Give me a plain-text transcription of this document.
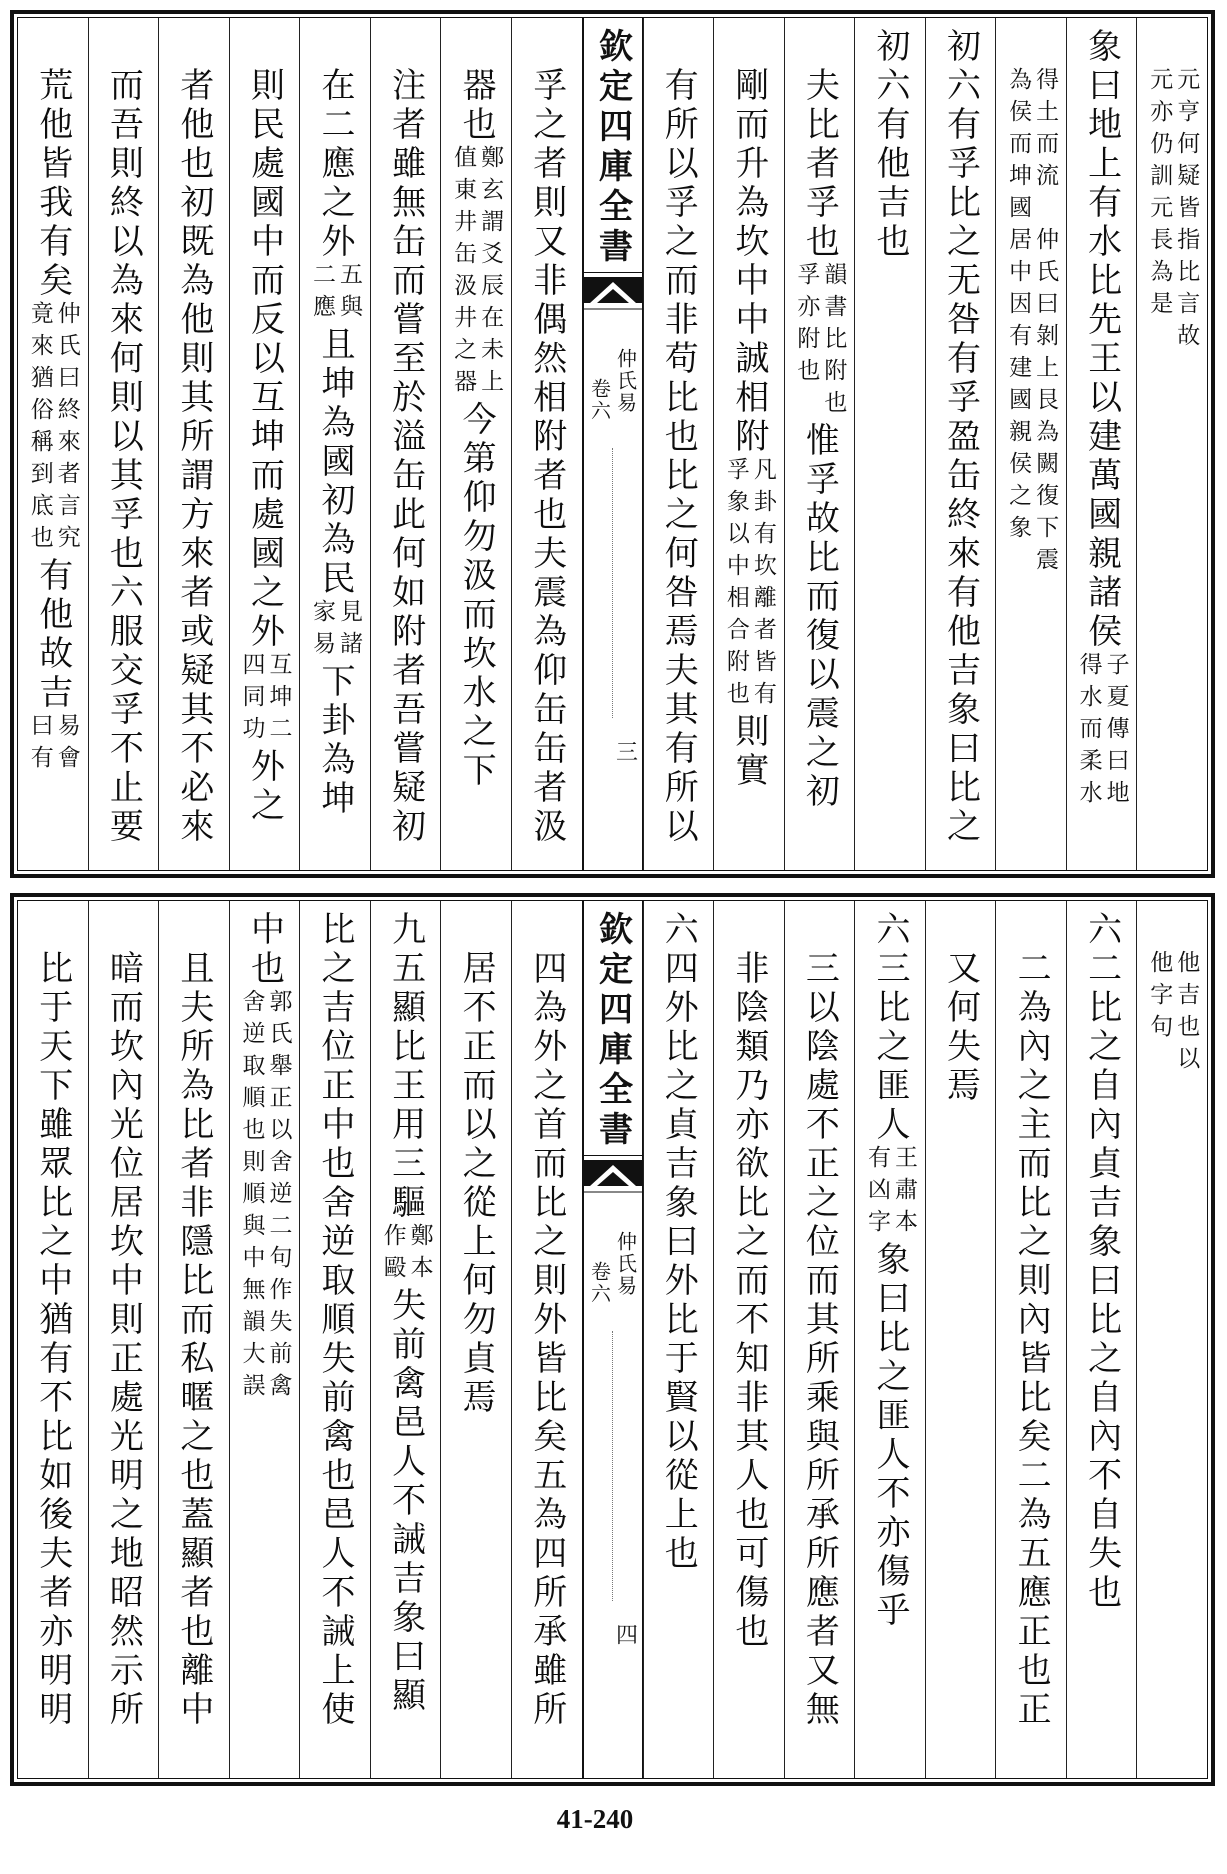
元亨何疑皆指比言故
元亦仍訓元長為是
象曰地上有水比先王以建萬國親諸侯
子夏傳曰地
得水而柔水
得土而流　仲氏曰剝上艮為闕復下震
為侯而坤國居中因有建國親侯之象
初六有孚比之无咎有孚盈缶終來有他吉象曰比之
初六有他吉也
夫比者孚也
韻書比附也
孚亦附也
惟孚故比而復以震之初
剛而升為坎中中誠相附
凡卦有坎離者皆有
孚象以中相合附也
則實
有所以孚之而非苟比也比之何咎焉夫其有所以
欽定四庫全書
仲氏易
卷六
三
孚之者則又非偶然相附者也夫震為仰缶缶者汲
器也
鄭玄謂爻辰在未上
值東井缶汲井之器
今第仰勿汲而坎水之下
注者雖無缶而嘗至於溢缶此何如附者吾嘗疑初
在二應之外
五與
二應
且坤為國初為民
見諸
家易
下卦為坤
則民處國中而反以互坤而處國之外
互坤二
四同功
外之
者他也初既為他則其所謂方來者或疑其不必來
而吾則終以為來何則以其孚也六服交孚不止要
荒他皆我有矣
仲氏曰終來者言究
竟來猶俗稱到底也
有他故吉
易會
曰有
他吉也以
他字句
六二比之自內貞吉象曰比之自內不自失也
二為內之主而比之則內皆比矣二為五應正也正
又何失焉
六三比之匪人
王肅本
有凶字
象曰比之匪人不亦傷乎
三以陰處不正之位而其所乘與所承所應者又無
非陰類乃亦欲比之而不知非其人也可傷也
六四外比之貞吉象曰外比于賢以從上也
欽定四庫全書
仲氏易
卷六
四
四為外之首而比之則外皆比矣五為四所承雖所
居不正而以之從上何勿貞焉
九五顯比王用三驅
鄭本
作毆
失前禽邑人不誡吉象曰顯
比之吉位正中也舍逆取順失前禽也邑人不誡上使
中也
郭氏舉正以舍逆二句作失前禽
舍逆取順也則順與中無韻大誤
且夫所為比者非隱比而私暱之也蓋顯者也離中
暗而坎內光位居坎中則正處光明之地昭然示所
比于天下雖眾比之中猶有不比如後夫者亦明明
41-240
